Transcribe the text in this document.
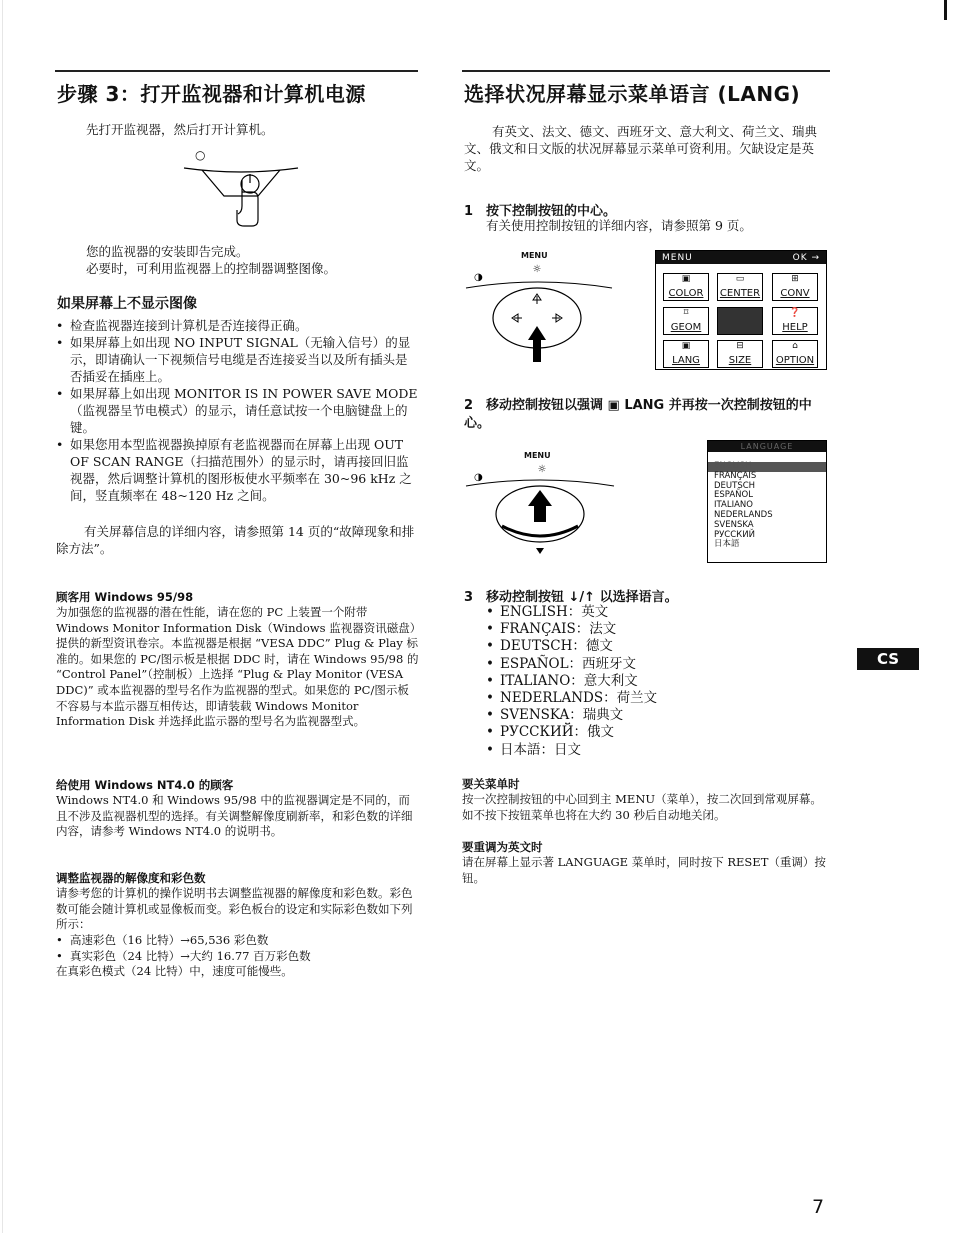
步骤 3：打开监视器和计算机电源
先打开监视器，然后打开计算机。
○
您的监视器的安装即告完成。
必要时，可利用监视器上的控制器调整图像。
如果屏幕上不显示图像
• 检查监视器连接到计算机是否连接得正确。
• 如果屏幕上如出现 NO INPUT SIGNAL（无输入信号）的显示，即请确认一下视频信号电缆是否连接妥当以及所有插头是否插妥在插座上。
• 如果屏幕上如出现 MONITOR IS IN POWER SAVE MODE（监视器呈节电模式）的显示，请任意试按一个电脑键盘上的键。
• 如果您用本型监视器换掉原有老监视器而在屏幕上出现 OUT OF SCAN RANGE（扫描范围外）的显示时，请再接回旧监视器，然后调整计算机的图形板使水平频率在 30~96 kHz 之间，竖直频率在 48~120 Hz 之间。
有关屏幕信息的详细内容，请参照第 14 页的“故障现象和排除方法”。
顾客用 Windows 95/98
为加强您的监视器的潜在性能，请在您的 PC 上装置一个附带 Windows Monitor Information Disk（Windows 监视器资讯磁盘）提供的新型资讯卷宗。本监视器是根据 “VESA DDC” Plug & Play 标准的。如果您的 PC/图示板是根据 DDC 时，请在 Windows 95/98 的 “Control Panel”（控制板）上选择 “Plug & Play Monitor (VESA DDC)” 或本监视器的型号名作为监视器的型式。如果您的 PC/图示板不容易与本监示器互相传达，即请装载 Windows Monitor Information Disk 并选择此监示器的型号名为监视器型式。
给使用 Windows NT4.0 的顾客
Windows NT4.0 和 Windows 95/98 中的监视器调定是不同的，而且不涉及监视器机型的选择。有关调整解像度刷新率，和彩色数的详细内容，请参考 Windows NT4.0 的说明书。
调整监视器的解像度和彩色数
请参考您的计算机的操作说明书去调整监视器的解像度和彩色数。彩色数可能会随计算机或显像板而变。彩色板台的设定和实际彩色数如下列所示：
• 高速彩色（16 比特）→65,536 彩色数
• 真实彩色（24 比特）→大约 16.77 百万彩色数
在真彩色模式（24 比特）中，速度可能慢些。
选择状况屏幕显示菜单语言 (LANG)
有英文、法文、德文、西班牙文、意大利文、荷兰文、瑞典文、俄文和日文版的状况屏幕显示菜单可资利用。欠缺设定是英文。
1 按下控制按钮的中心。
有关使用控制按钮的详细内容，请参照第 9 页。
MENU
☼
◑
MENU	OK →
▣
COLOR
▭
CENTER
⊞
CONV
⌑
GEOM
❓
HELP
▣
LANG
⊟
SIZE
⌂
OPTION
2 移动控制按钮以强调 ▣ LANG 并再按一次控制按钮的中心。
MENU
☼
◑
LANGUAGE
ENGLISH
FRANÇAIS
DEUTSCH
ESPAÑOL
ITALIANO
NEDERLANDS
SVENSKA
РУССКИЙ
日本語
3 移动控制按钮 ↓/↑ 以选择语言。
• ENGLISH：英文
• FRANÇAIS：法文
• DEUTSCH：德文
• ESPAÑOL：西班牙文
• ITALIANO：意大利文
• NEDERLANDS：荷兰文
• SVENSKA：瑞典文
• РУССКИЙ：俄文
• 日本語：日文
要关菜单时
按一次控制按钮的中心回到主 MENU（菜单），按二次回到常观屏幕。如不按下按钮菜单也将在大约 30 秒后自动地关闭。
要重调为英文时
请在屏幕上显示著 LANGUAGE 菜单时，同时按下 RESET（重调）按钮。
CS
7
